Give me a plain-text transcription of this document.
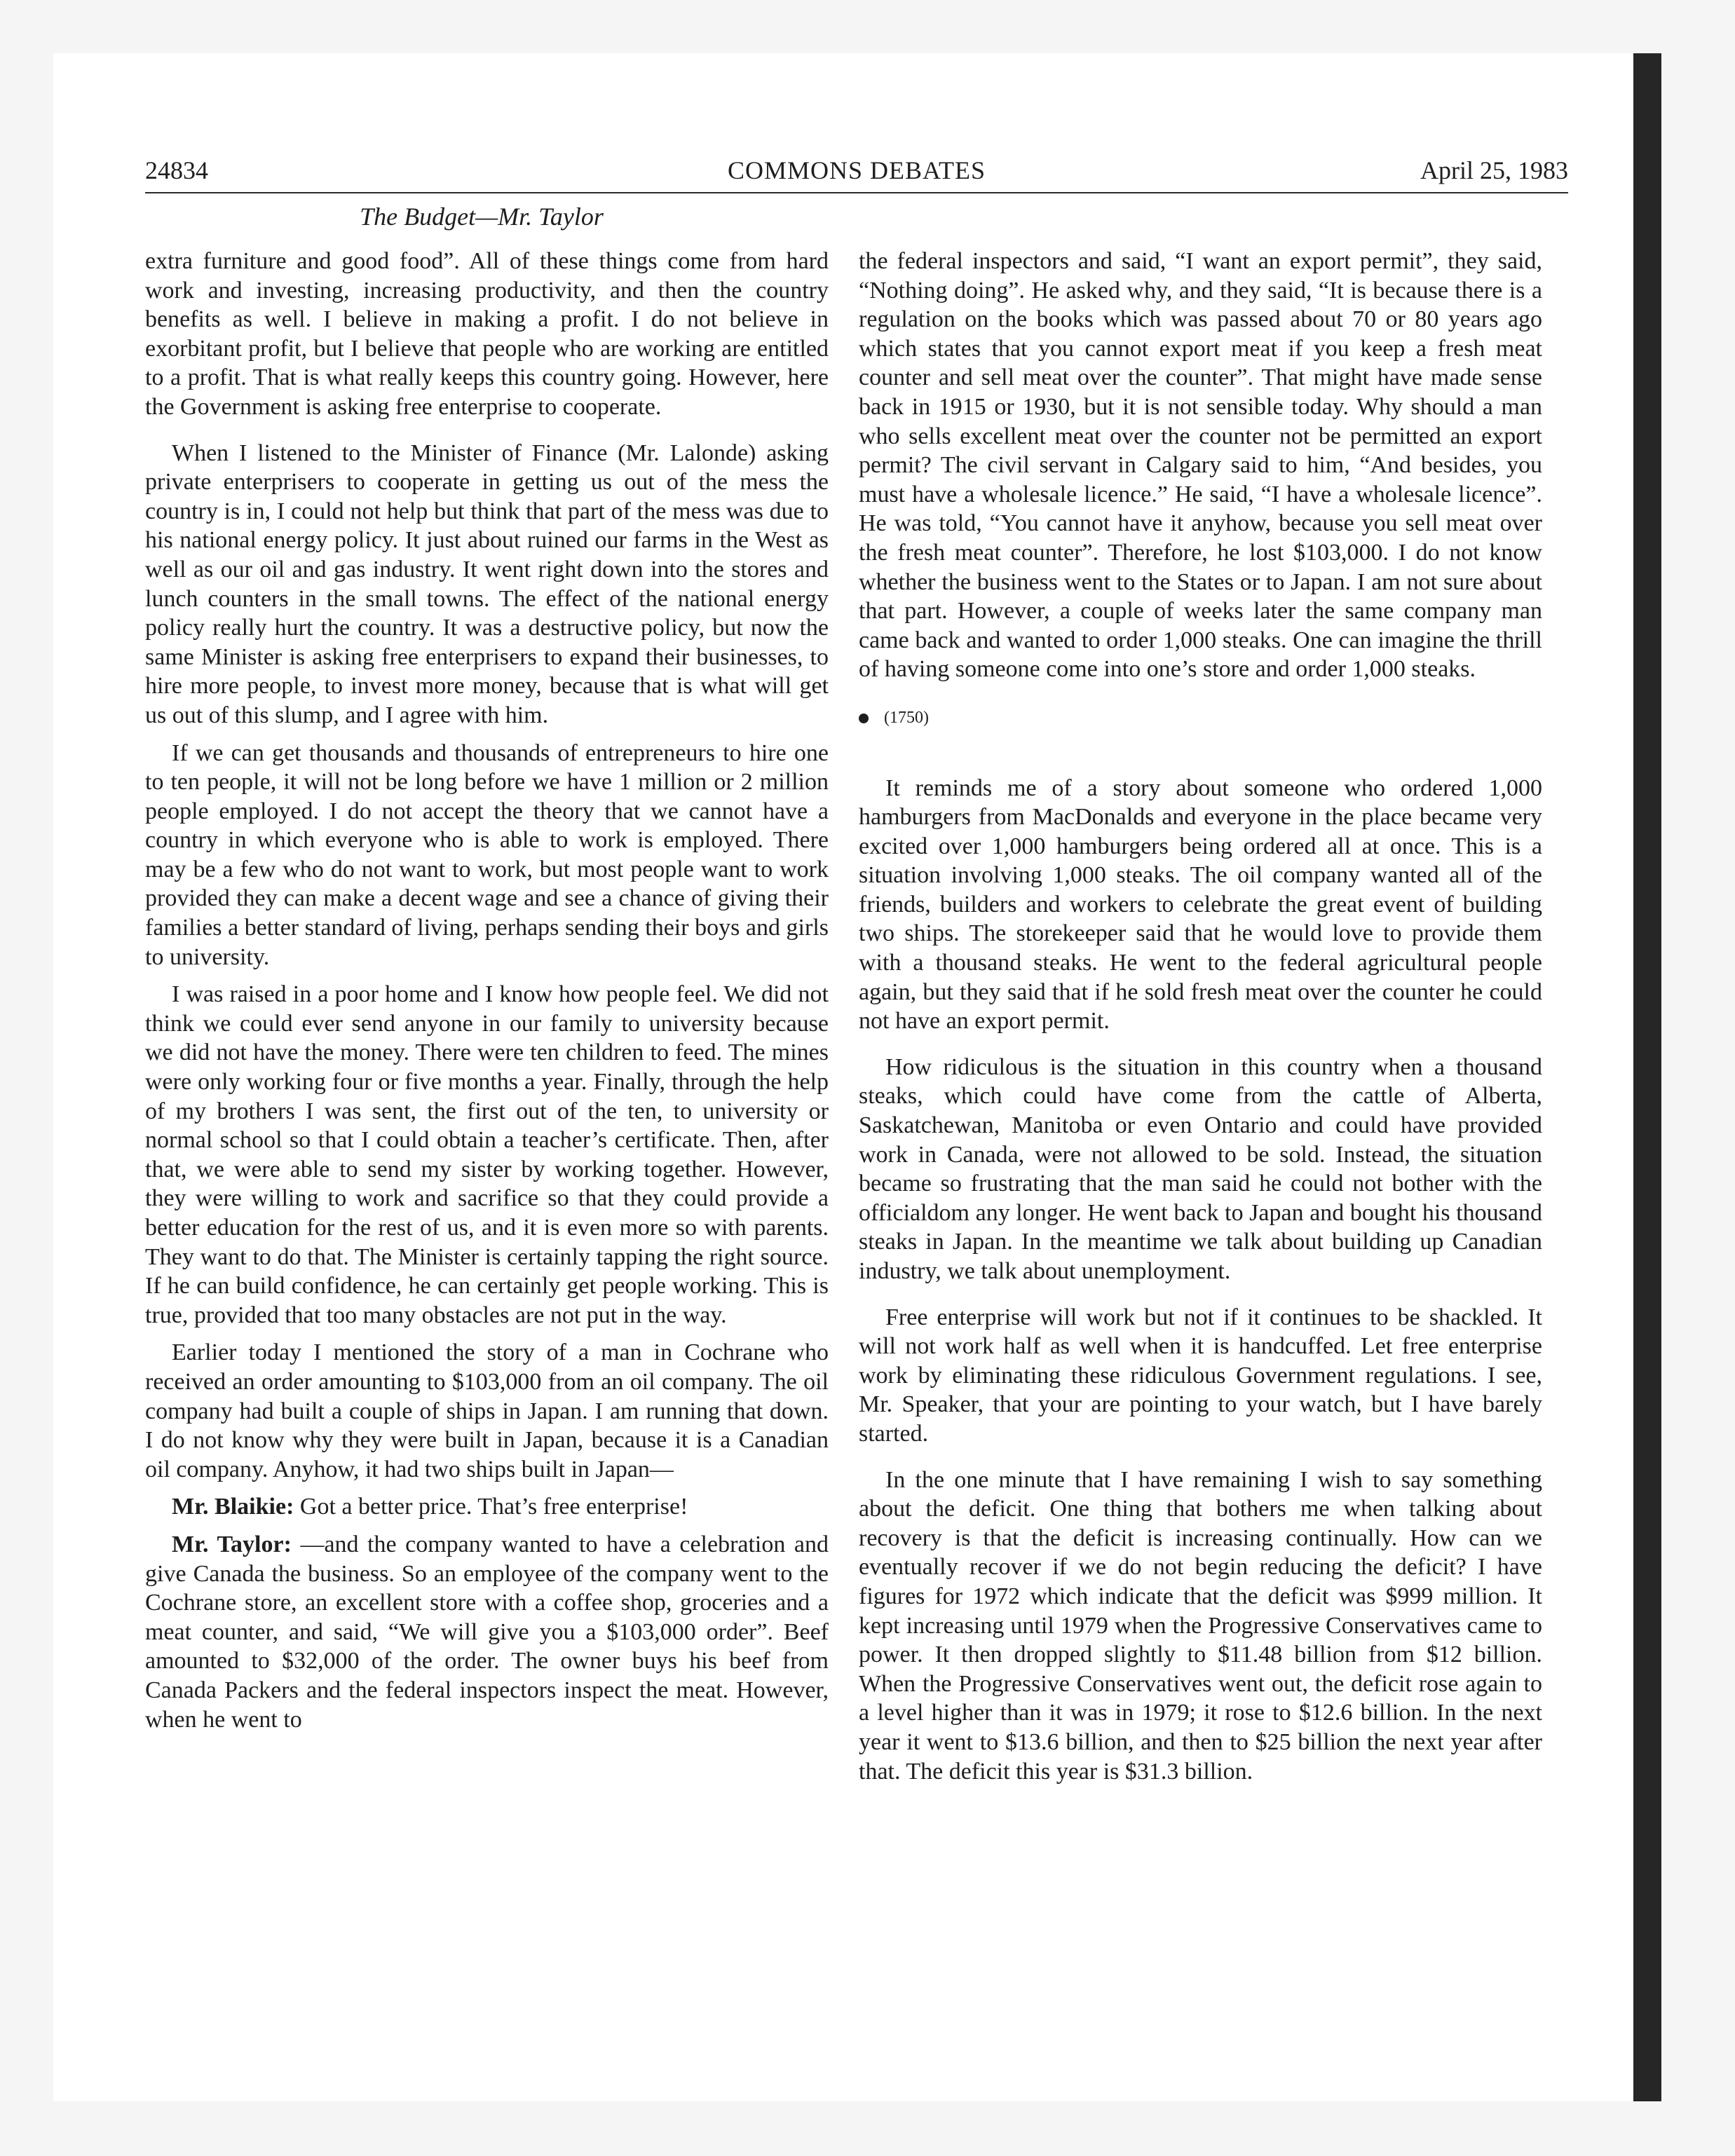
24834	COMMONS DEBATES	April 25, 1983
The Budget—Mr. Taylor

extra furniture and good food”. All of these things come from hard work and investing, increasing productivity, and then the country benefits as well. I believe in making a profit. I do not believe in exorbitant profit, but I believe that people who are working are entitled to a profit. That is what really keeps this country going. However, here the Government is asking free enterprise to cooperate.

When I listened to the Minister of Finance (Mr. Lalonde) asking private enterprisers to cooperate in getting us out of the mess the country is in, I could not help but think that part of the mess was due to his national energy policy. It just about ruined our farms in the West as well as our oil and gas industry. It went right down into the stores and lunch counters in the small towns. The effect of the national energy policy really hurt the country. It was a destructive policy, but now the same Minister is asking free enterprisers to expand their businesses, to hire more people, to invest more money, because that is what will get us out of this slump, and I agree with him.

If we can get thousands and thousands of entrepreneurs to hire one to ten people, it will not be long before we have 1 million or 2 million people employed. I do not accept the theory that we cannot have a country in which everyone who is able to work is employed. There may be a few who do not want to work, but most people want to work provided they can make a decent wage and see a chance of giving their families a better standard of living, perhaps sending their boys and girls to university.

I was raised in a poor home and I know how people feel. We did not think we could ever send anyone in our family to university because we did not have the money. There were ten children to feed. The mines were only working four or five months a year. Finally, through the help of my brothers I was sent, the first out of the ten, to university or normal school so that I could obtain a teacher’s certificate. Then, after that, we were able to send my sister by working together. However, they were willing to work and sacrifice so that they could provide a better education for the rest of us, and it is even more so with parents. They want to do that. The Minister is certainly tapping the right source. If he can build confidence, he can certainly get people working. This is true, provided that too many obstacles are not put in the way.

Earlier today I mentioned the story of a man in Cochrane who received an order amounting to $103,000 from an oil company. The oil company had built a couple of ships in Japan. I am running that down. I do not know why they were built in Japan, because it is a Canadian oil company. Anyhow, it had two ships built in Japan—

Mr. Blaikie: Got a better price. That’s free enterprise!

Mr. Taylor: —and the company wanted to have a celebration and give Canada the business. So an employee of the company went to the Cochrane store, an excellent store with a coffee shop, groceries and a meat counter, and said, “We will give you a $103,000 order”. Beef amounted to $32,000 of the order. The owner buys his beef from Canada Packers and the federal inspectors inspect the meat. However, when he went to

the federal inspectors and said, “I want an export permit”, they said, “Nothing doing”. He asked why, and they said, “It is because there is a regulation on the books which was passed about 70 or 80 years ago which states that you cannot export meat if you keep a fresh meat counter and sell meat over the counter”. That might have made sense back in 1915 or 1930, but it is not sensible today. Why should a man who sells excellent meat over the counter not be permitted an export permit? The civil servant in Calgary said to him, “And besides, you must have a wholesale licence.” He said, “I have a wholesale licence”. He was told, “You cannot have it anyhow, because you sell meat over the fresh meat counter”. Therefore, he lost $103,000. I do not know whether the business went to the States or to Japan. I am not sure about that part. However, a couple of weeks later the same company man came back and wanted to order 1,000 steaks. One can imagine the thrill of having someone come into one’s store and order 1,000 steaks.

(1750)

It reminds me of a story about someone who ordered 1,000 hamburgers from MacDonalds and everyone in the place became very excited over 1,000 hamburgers being ordered all at once. This is a situation involving 1,000 steaks. The oil company wanted all of the friends, builders and workers to celebrate the great event of building two ships. The storekeeper said that he would love to provide them with a thousand steaks. He went to the federal agricultural people again, but they said that if he sold fresh meat over the counter he could not have an export permit.

How ridiculous is the situation in this country when a thousand steaks, which could have come from the cattle of Alberta, Saskatchewan, Manitoba or even Ontario and could have provided work in Canada, were not allowed to be sold. Instead, the situation became so frustrating that the man said he could not bother with the officialdom any longer. He went back to Japan and bought his thousand steaks in Japan. In the meantime we talk about building up Canadian industry, we talk about unemployment.

Free enterprise will work but not if it continues to be shackled. It will not work half as well when it is handcuffed. Let free enterprise work by eliminating these ridiculous Government regulations. I see, Mr. Speaker, that your are pointing to your watch, but I have barely started.

In the one minute that I have remaining I wish to say something about the deficit. One thing that bothers me when talking about recovery is that the deficit is increasing continually. How can we eventually recover if we do not begin reducing the deficit? I have figures for 1972 which indicate that the deficit was $999 million. It kept increasing until 1979 when the Progressive Conservatives came to power. It then dropped slightly to $11.48 billion from $12 billion. When the Progressive Conservatives went out, the deficit rose again to a level higher than it was in 1979; it rose to $12.6 billion. In the next year it went to $13.6 billion, and then to $25 billion the next year after that. The deficit this year is $31.3 billion.
